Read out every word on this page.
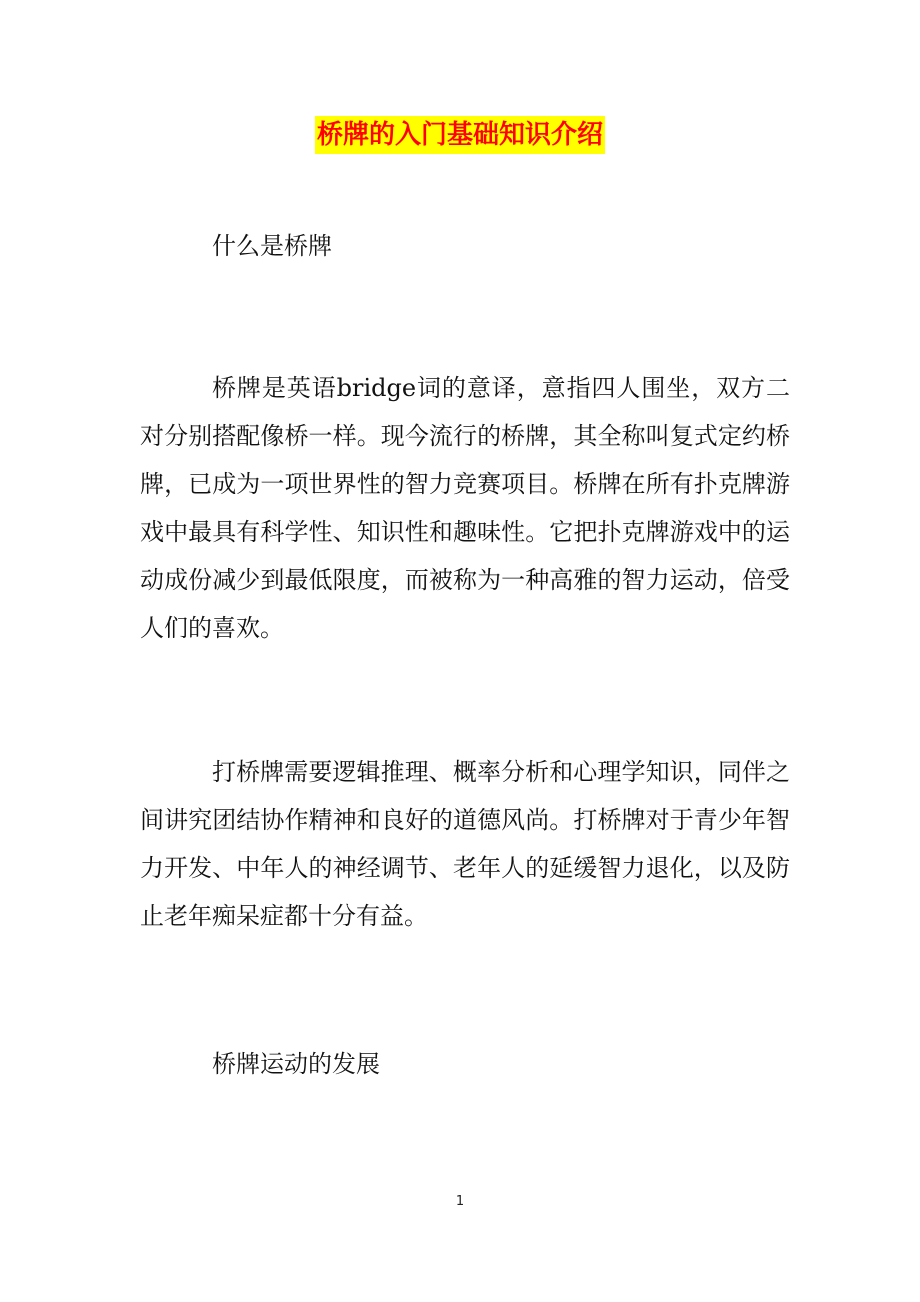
桥牌的入门基础知识介绍

什么是桥牌

桥牌是英语bridge词的意译，意指四人围坐，双方二对分别搭配像桥一样。现今流行的桥牌，其全称叫复式定约桥牌，已成为一项世界性的智力竞赛项目。桥牌在所有扑克牌游戏中最具有科学性、知识性和趣味性。它把扑克牌游戏中的运动成份减少到最低限度，而被称为一种高雅的智力运动，倍受人们的喜欢。

打桥牌需要逻辑推理、概率分析和心理学知识，同伴之间讲究团结协作精神和良好的道德风尚。打桥牌对于青少年智力开发、中年人的神经调节、老年人的延缓智力退化，以及防止老年痴呆症都十分有益。

桥牌运动的发展

1
